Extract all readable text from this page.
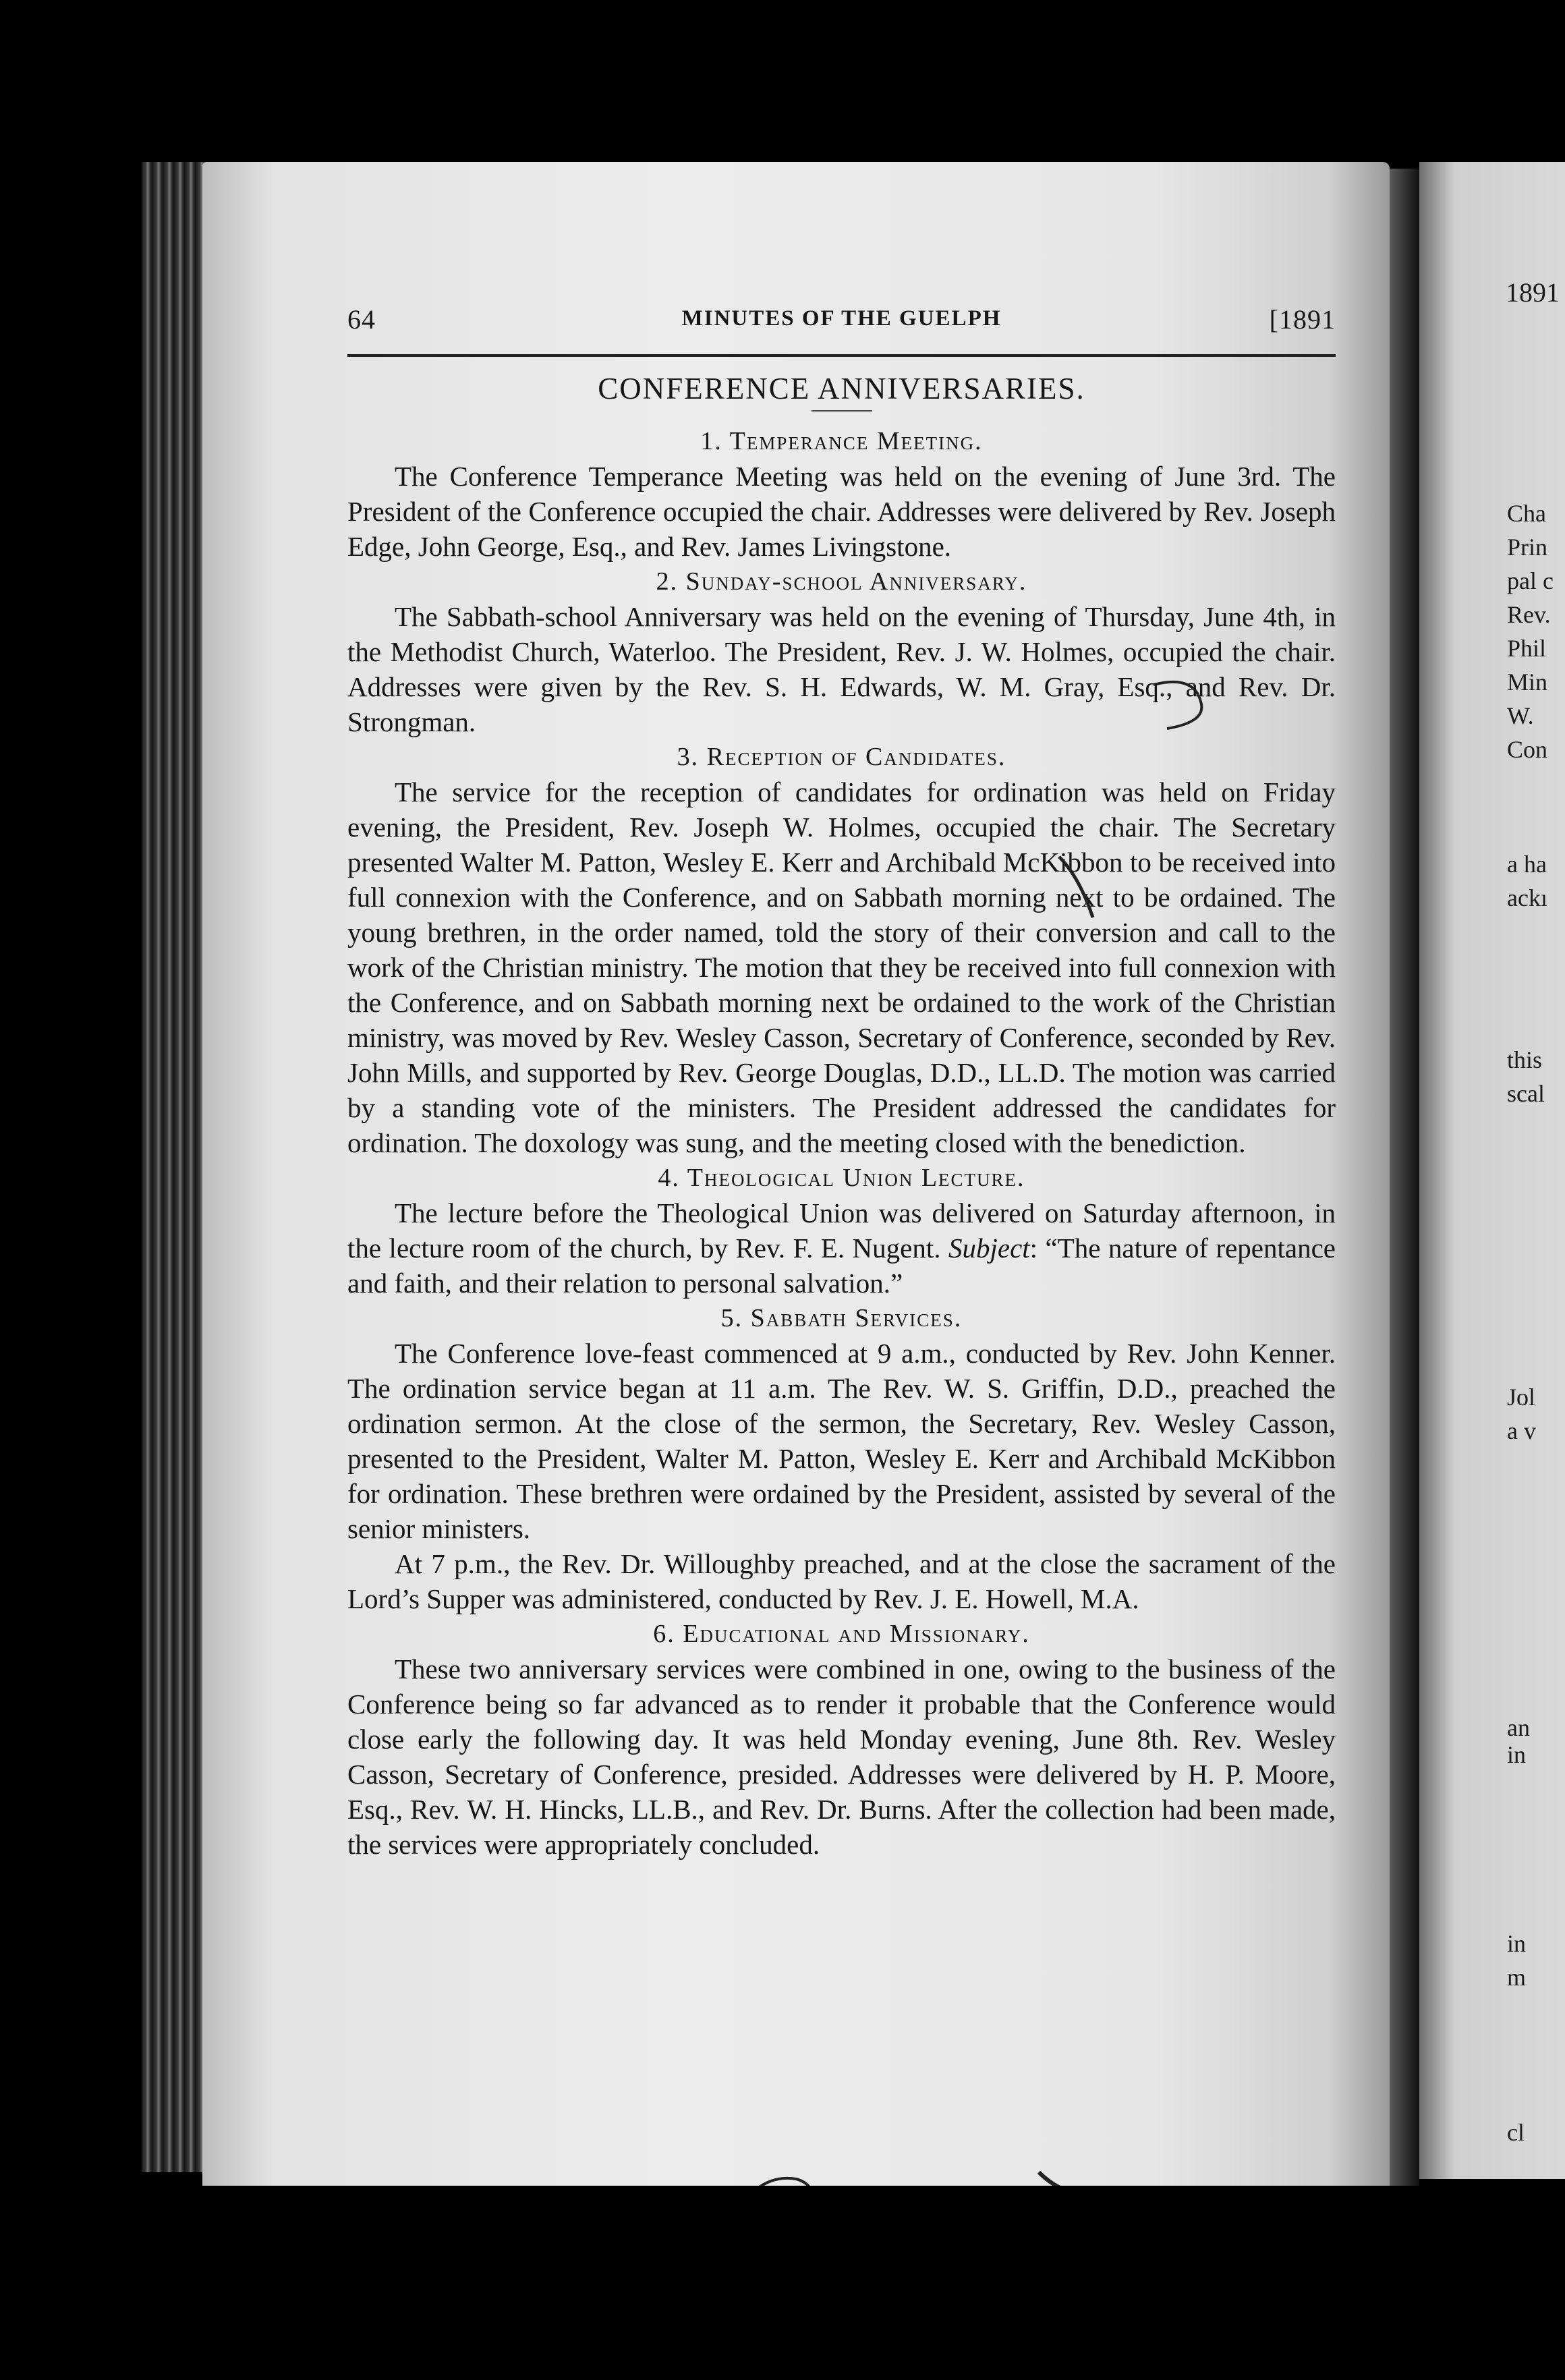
1891
Cha
Prin
pal c
Rev.
Phil
Min
W.
Con
a ha
ackı
this
scal
Jol
a v
an
in
in
m
cl
64	MINUTES OF THE GUELPH	[1891
CONFERENCE ANNIVERSARIES.
1. Temperance Meeting.

The Conference Temperance Meeting was held on the evening of June 3rd. The President of the Conference occupied the chair. Addresses were delivered by Rev. Joseph Edge, John George, Esq., and Rev. James Livingstone.

2. Sunday-school Anniversary.

The Sabbath-school Anniversary was held on the evening of Thursday, June 4th, in the Methodist Church, Waterloo. The President, Rev. J. W. Holmes, occupied the chair. Addresses were given by the Rev. S. H. Edwards, W. M. Gray, Esq., and Rev. Dr. Strongman.

3. Reception of Candidates.

The service for the reception of candidates for ordination was held on Friday evening, the President, Rev. Joseph W. Holmes, occupied the chair. The Secretary presented Walter M. Patton, Wesley E. Kerr and Archibald McKibbon to be received into full connexion with the Conference, and on Sabbath morning next to be ordained. The young brethren, in the order named, told the story of their conversion and call to the work of the Christian ministry. The motion that they be received into full connexion with the Conference, and on Sabbath morning next be ordained to the work of the Christian ministry, was moved by Rev. Wesley Casson, Secretary of Conference, seconded by Rev. John Mills, and supported by Rev. George Douglas, D.D., LL.D. The motion was carried by a standing vote of the ministers. The President addressed the candidates for ordination. The doxology was sung, and the meeting closed with the benediction.

4. Theological Union Lecture.

The lecture before the Theological Union was delivered on Saturday afternoon, in the lecture room of the church, by Rev. F. E. Nugent. Subject: “The nature of repentance and faith, and their relation to personal salvation.”

5. Sabbath Services.

The Conference love-feast commenced at 9 a.m., conducted by Rev. John Kenner. The ordination service began at 11 a.m. The Rev. W. S. Griffin, D.D., preached the ordination sermon. At the close of the sermon, the Secretary, Rev. Wesley Casson, presented to the President, Walter M. Patton, Wesley E. Kerr and Archibald McKibbon for ordination. These brethren were ordained by the President, assisted by several of the senior ministers.

At 7 p.m., the Rev. Dr. Willoughby preached, and at the close the sacrament of the Lord’s Supper was administered, conducted by Rev. J. E. Howell, M.A.

6. Educational and Missionary.

These two anniversary services were combined in one, owing to the business of the Conference being so far advanced as to render it probable that the Conference would close early the following day. It was held Monday evening, June 8th. Rev. Wesley Casson, Secretary of Conference, presided. Addresses were delivered by H. P. Moore, Esq., Rev. W. H. Hincks, LL.B., and Rev. Dr. Burns. After the collection had been made, the services were appropriately concluded.
